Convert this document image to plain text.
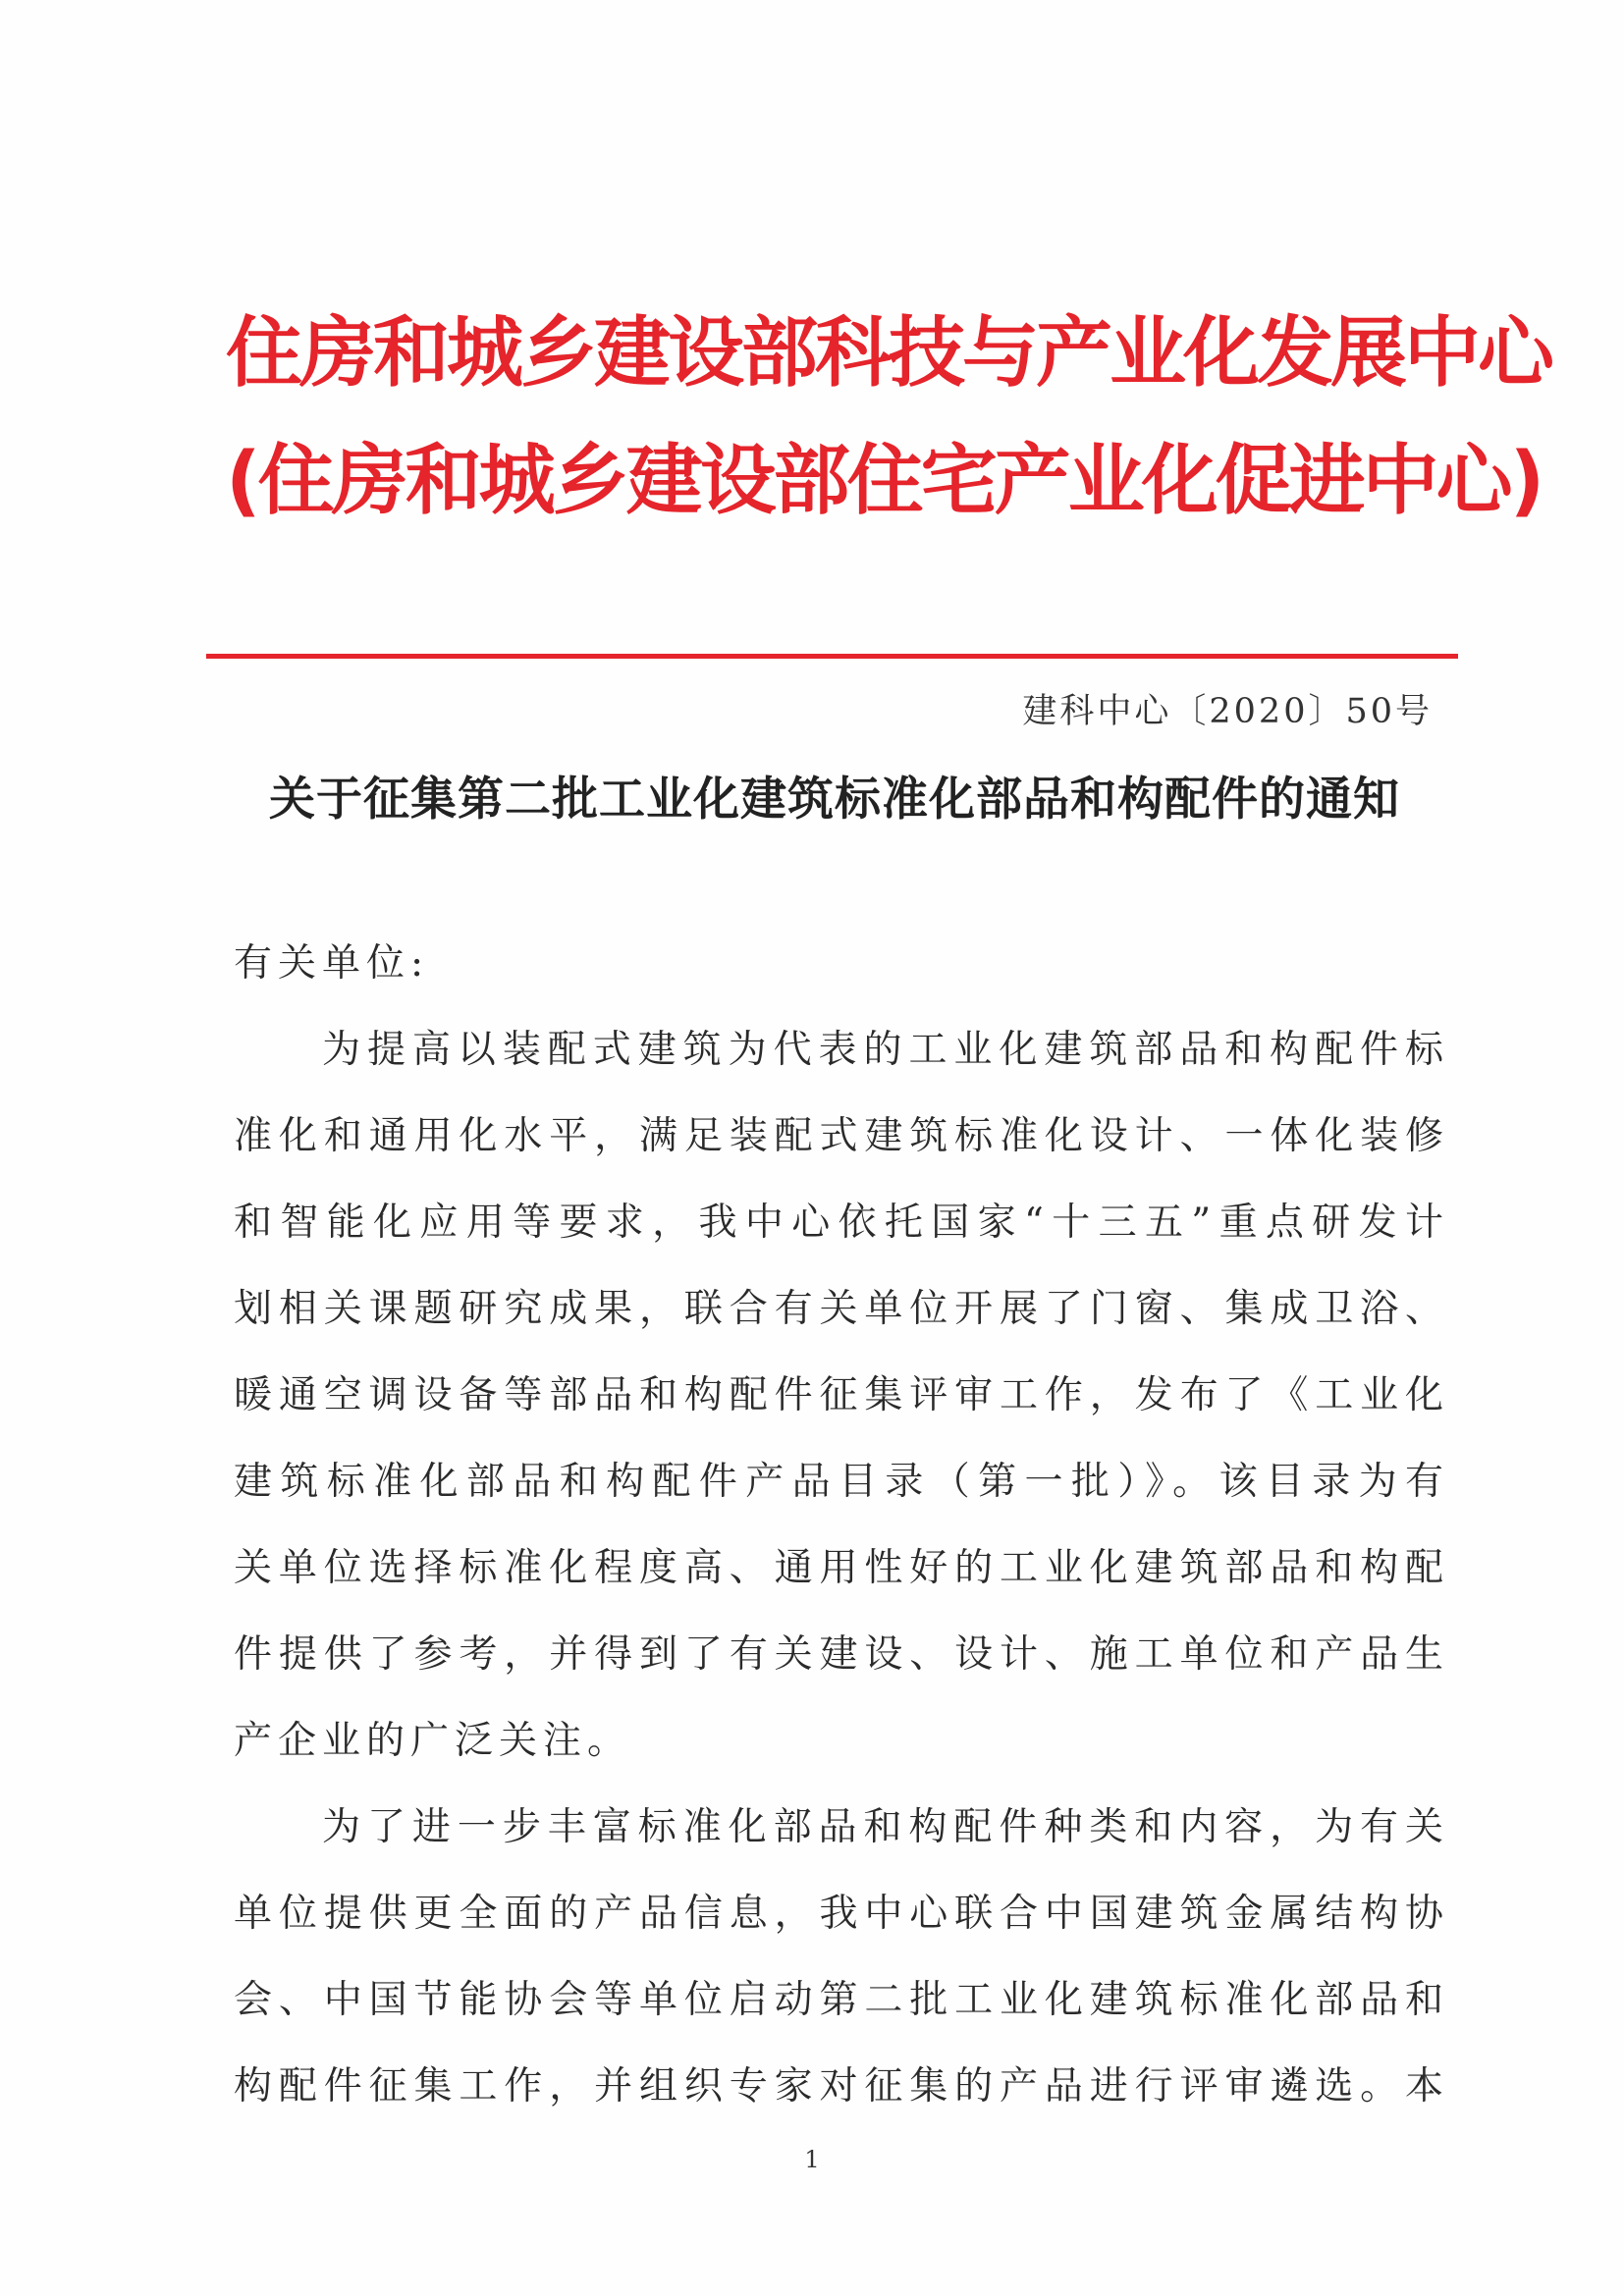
住房和城乡建设部科技与产业化发展中心
(住房和城乡建设部住宅产业化促进中心)
建科中心〔2020〕50号
关于征集第二批工业化建筑标准化部品和构配件的通知
有关单位:
为提高以装配式建筑为代表的工业化建筑部品和构配件标
准化和通用化水平，满足装配式建筑标准化设计、一体化装修
和智能化应用等要求，我中心依托国家“十三五”重点研发计
划相关课题研究成果，联合有关单位开展了门窗、集成卫浴、
暖通空调设备等部品和构配件征集评审工作，发布了《工业化
建筑标准化部品和构配件产品目录（第一批）》。该目录为有
关单位选择标准化程度高、通用性好的工业化建筑部品和构配
件提供了参考，并得到了有关建设、设计、施工单位和产品生
产企业的广泛关注。
为了进一步丰富标准化部品和构配件种类和内容，为有关
单位提供更全面的产品信息，我中心联合中国建筑金属结构协
会、中国节能协会等单位启动第二批工业化建筑标准化部品和
构配件征集工作，并组织专家对征集的产品进行评审遴选。本
1
